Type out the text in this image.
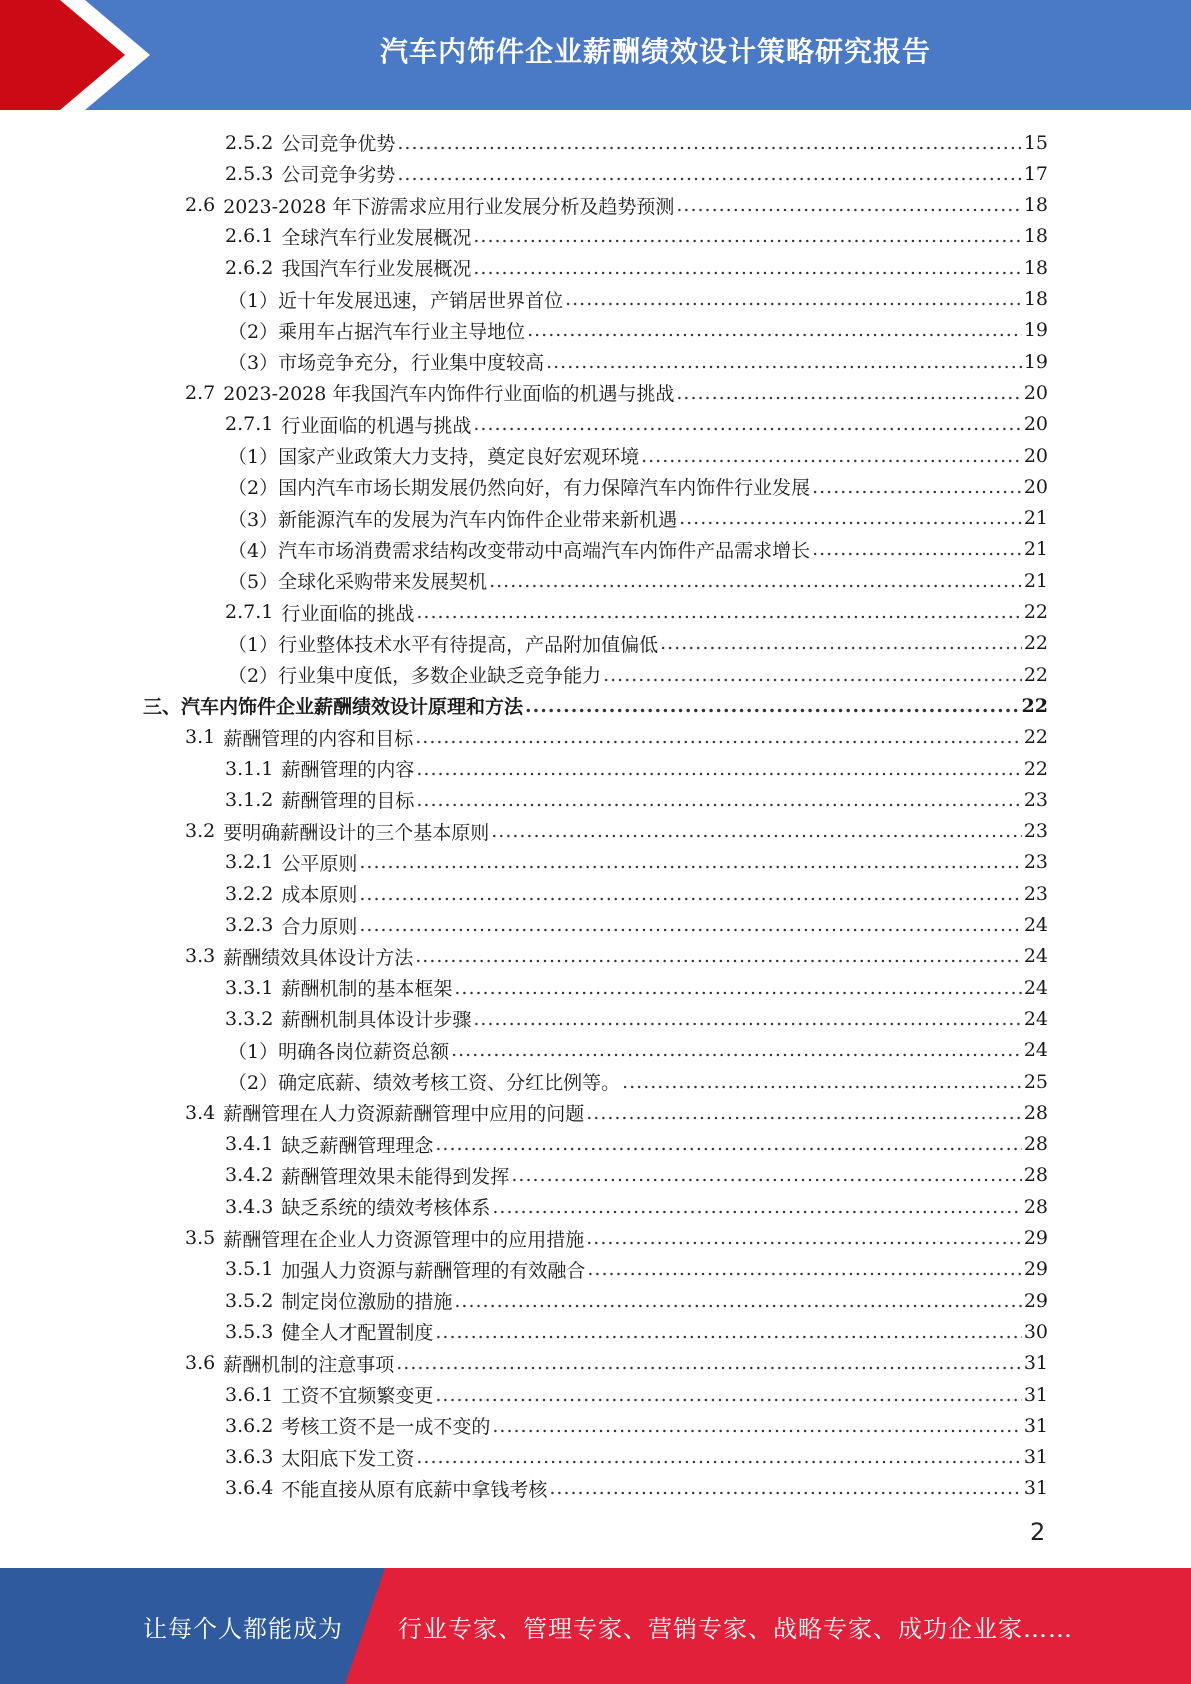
汽车内饰件企业薪酬绩效设计策略研究报告
2.5.2 公司竞争优势 .....	15
2.5.3 公司竞争劣势 .....	17
2.6 2023-2028 年下游需求应用行业发展分析及趋势预测 .....	18
2.6.1 全球汽车行业发展概况 .....	18
2.6.2 我国汽车行业发展概况 .....	18
（1）近十年发展迅速，产销居世界首位 .....	18
（2）乘用车占据汽车行业主导地位 .....	19
（3）市场竞争充分，行业集中度较高 .....	19
2.7 2023-2028 年我国汽车内饰件行业面临的机遇与挑战 .....	20
2.7.1 行业面临的机遇与挑战 .....	20
（1）国家产业政策大力支持，奠定良好宏观环境 .....	20
（2）国内汽车市场长期发展仍然向好，有力保障汽车内饰件行业发展 .....	20
（3）新能源汽车的发展为汽车内饰件企业带来新机遇 .....	21
（4）汽车市场消费需求结构改变带动中高端汽车内饰件产品需求增长 .....	21
（5）全球化采购带来发展契机 .....	21
2.7.1 行业面临的挑战 .....	22
（1）行业整体技术水平有待提高，产品附加值偏低 .....	22
（2）行业集中度低，多数企业缺乏竞争能力 .....	22
三、汽车内饰件企业薪酬绩效设计原理和方法 .....	22
3.1 薪酬管理的内容和目标 .....	22
3.1.1 薪酬管理的内容 .....	22
3.1.2 薪酬管理的目标 .....	23
3.2 要明确薪酬设计的三个基本原则 .....	23
3.2.1 公平原则 .....	23
3.2.2 成本原则 .....	23
3.2.3 合力原则 .....	24
3.3 薪酬绩效具体设计方法 .....	24
3.3.1 薪酬机制的基本框架 .....	24
3.3.2 薪酬机制具体设计步骤 .....	24
（1）明确各岗位薪资总额 .....	24
（2）确定底薪、绩效考核工资、分红比例等。 .....	25
3.4 薪酬管理在人力资源薪酬管理中应用的问题 .....	28
3.4.1 缺乏薪酬管理理念 .....	28
3.4.2 薪酬管理效果未能得到发挥 .....	28
3.4.3 缺乏系统的绩效考核体系 .....	28
3.5 薪酬管理在企业人力资源管理中的应用措施 .....	29
3.5.1 加强人力资源与薪酬管理的有效融合 .....	29
3.5.2 制定岗位激励的措施 .....	29
3.5.3 健全人才配置制度 .....	30
3.6 薪酬机制的注意事项 .....	31
3.6.1 工资不宜频繁变更 .....	31
3.6.2 考核工资不是一成不变的 .....	31
3.6.3 太阳底下发工资 .....	31
3.6.4 不能直接从原有底薪中拿钱考核 .....	31
2
让每个人都能成为 行业专家、管理专家、营销专家、战略专家、成功企业家……
